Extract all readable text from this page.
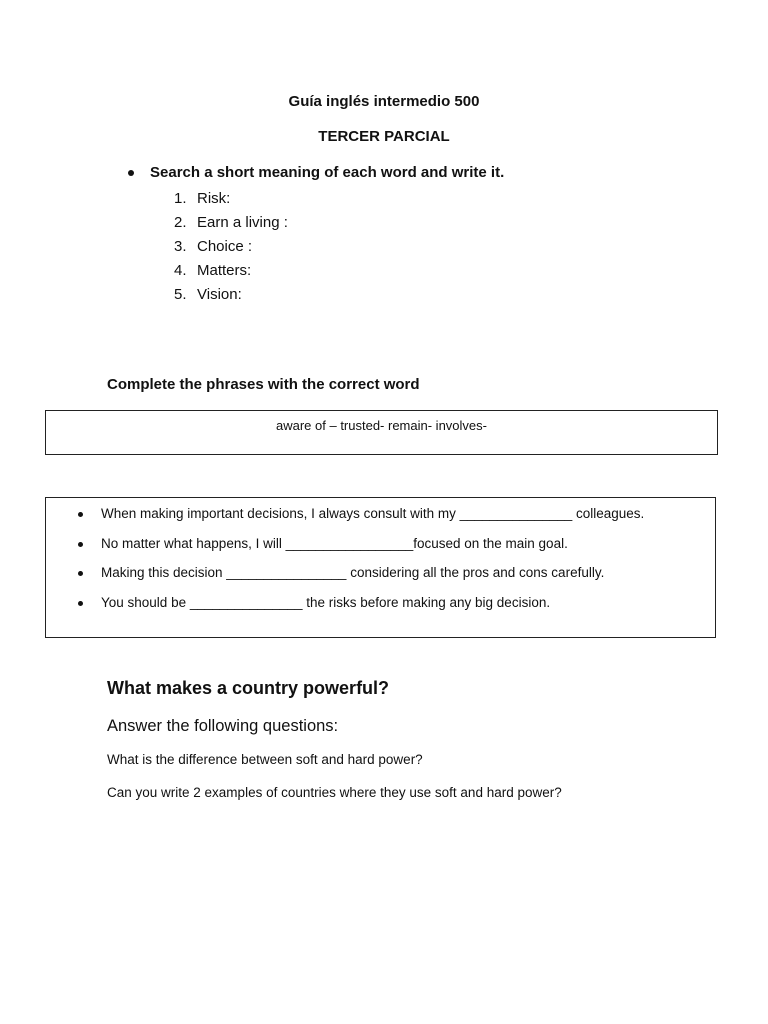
Guía inglés intermedio 500
TERCER PARCIAL
Search a short meaning of each word and write it.
1. Risk:
2. Earn a living :
3. Choice :
4. Matters:
5. Vision:
Complete the phrases with the correct word
aware of – trusted- remain- involves-
When making important decisions, I always consult with my _______________ colleagues.
No matter what happens, I will _________________focused on the main goal.
Making this decision ________________ considering all the pros and cons carefully.
You should be _______________ the risks before making any big decision.
What makes a country powerful?
Answer the following questions:
What is the difference between soft and hard power?
Can you write 2 examples of countries where they use soft and hard power?
